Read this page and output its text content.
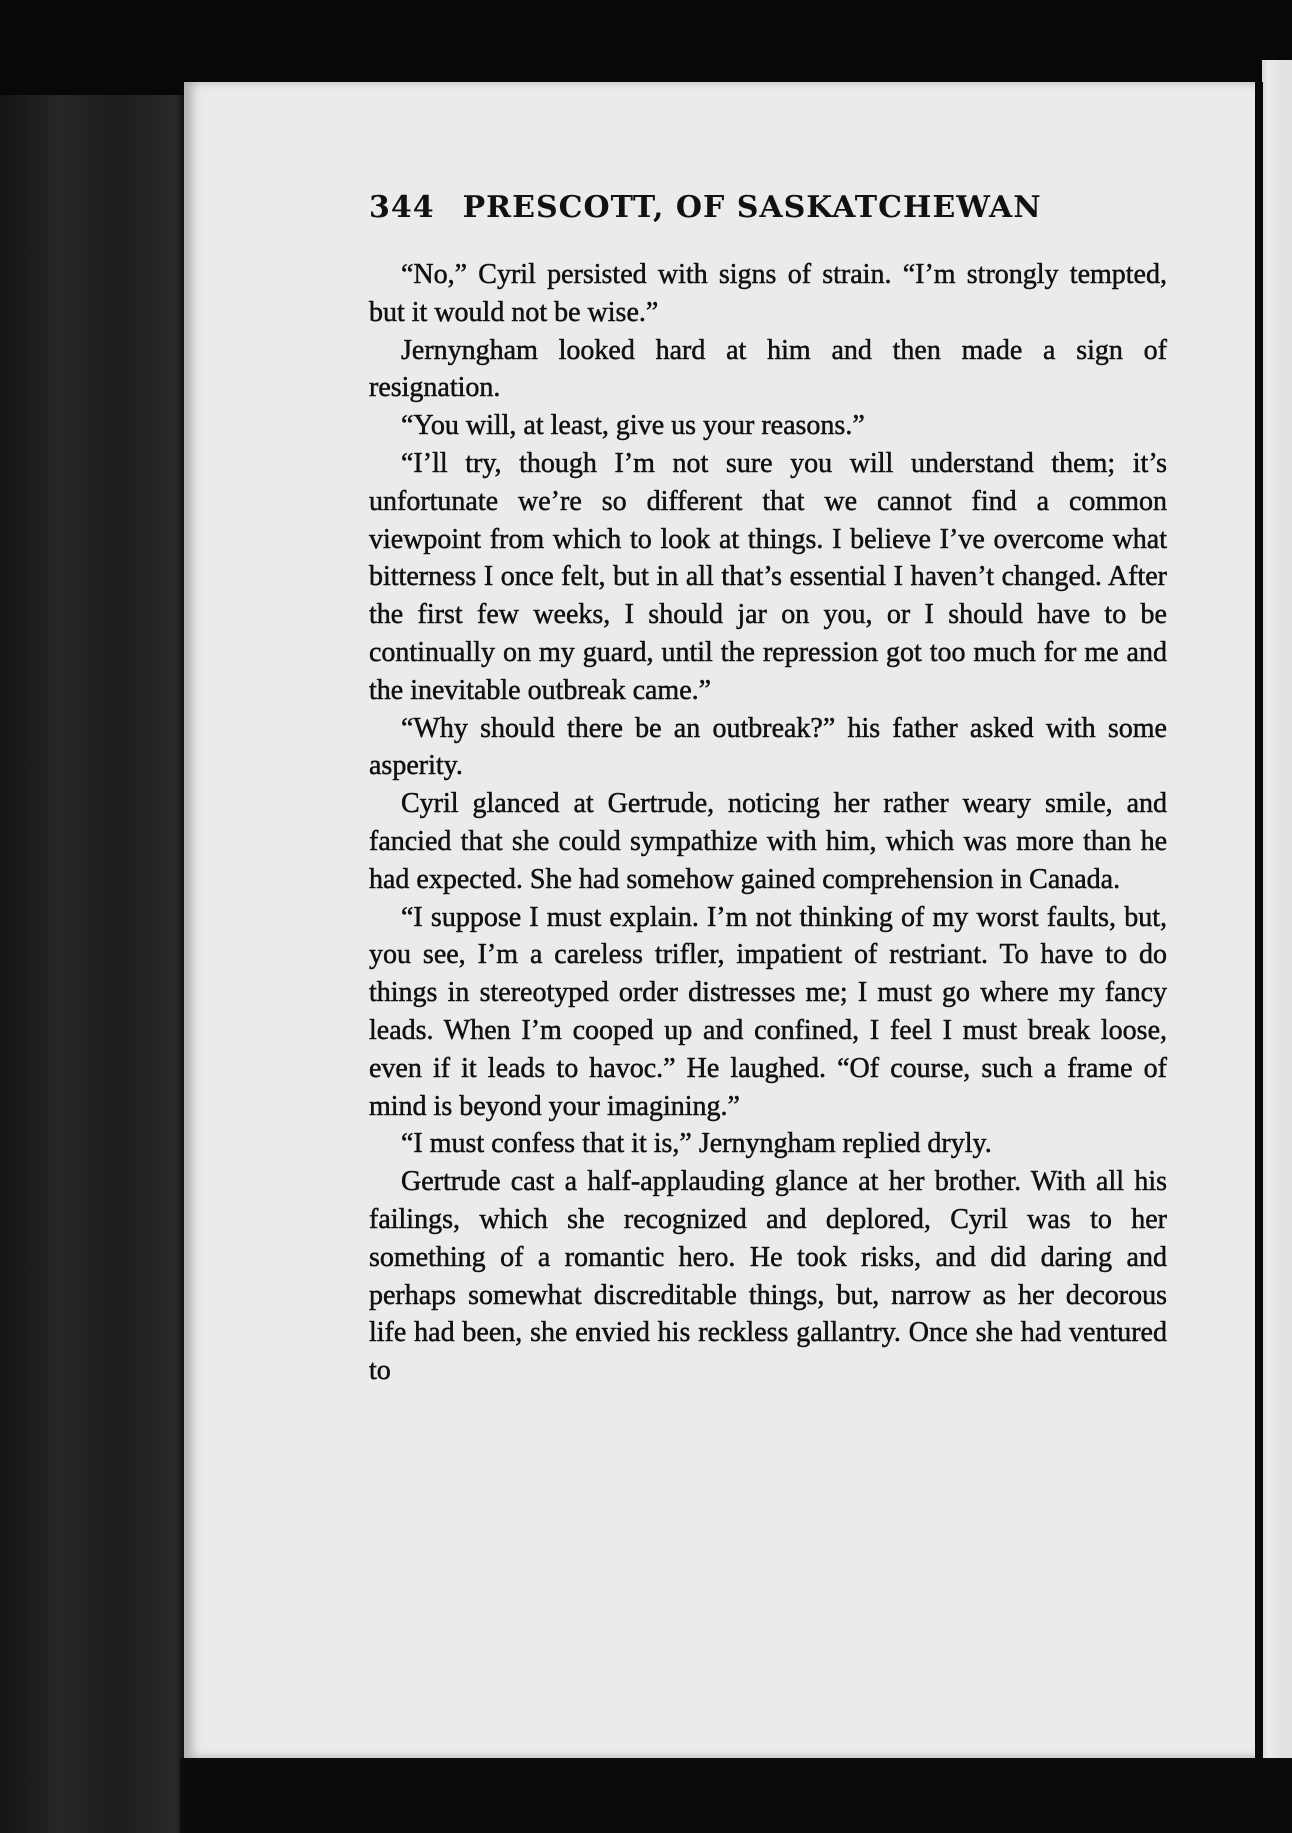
344 PRESCOTT, OF SASKATCHEWAN

“No,” Cyril persisted with signs of strain. “I’m strongly tempted, but it would not be wise.”

Jernyngham looked hard at him and then made a sign of resignation.

“You will, at least, give us your reasons.”

“I’ll try, though I’m not sure you will understand them; it’s unfortunate we’re so different that we cannot find a common viewpoint from which to look at things. I believe I’ve overcome what bitterness I once felt, but in all that’s essential I haven’t changed. After the first few weeks, I should jar on you, or I should have to be continually on my guard, until the repression got too much for me and the inevitable outbreak came.”

“Why should there be an outbreak?” his father asked with some asperity.

Cyril glanced at Gertrude, noticing her rather weary smile, and fancied that she could sympathize with him, which was more than he had expected. She had somehow gained comprehension in Canada.

“I suppose I must explain. I’m not thinking of my worst faults, but, you see, I’m a careless trifler, impatient of restriant. To have to do things in stereotyped order distresses me; I must go where my fancy leads. When I’m cooped up and confined, I feel I must break loose, even if it leads to havoc.” He laughed. “Of course, such a frame of mind is beyond your imagining.”

“I must confess that it is,” Jernyngham replied dryly.

Gertrude cast a half-applauding glance at her brother. With all his failings, which she recognized and deplored, Cyril was to her something of a romantic hero. He took risks, and did daring and perhaps somewhat discreditable things, but, narrow as her decorous life had been, she envied his reckless gallantry. Once she had ventured to
